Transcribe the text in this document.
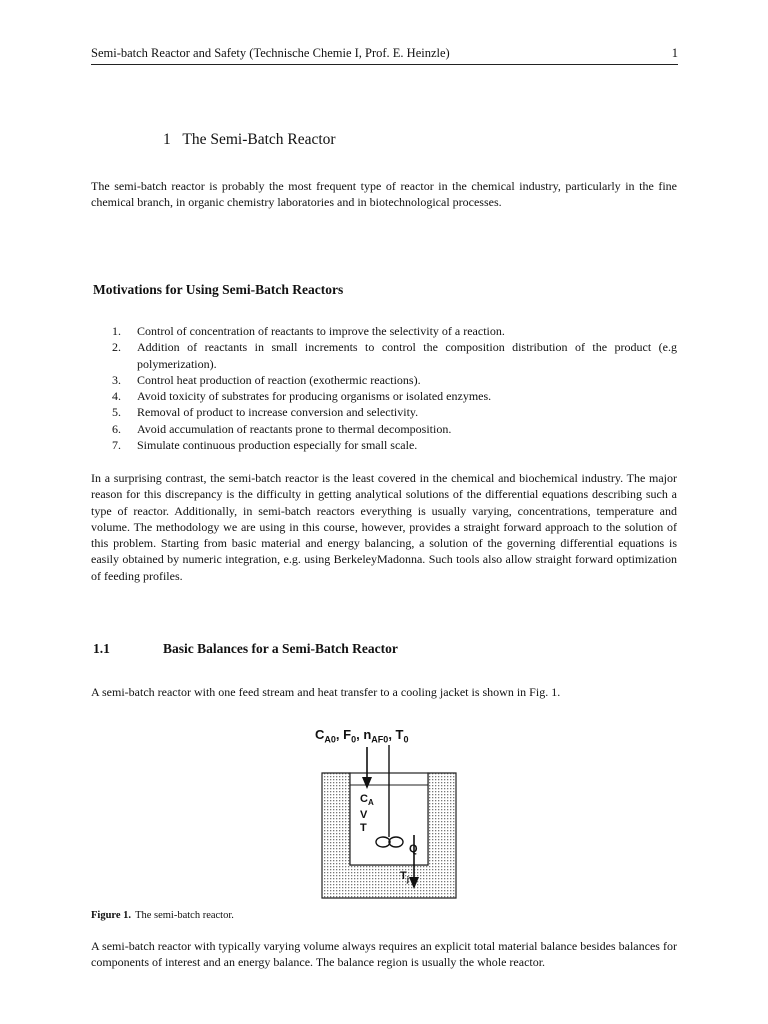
Semi-batch Reactor and Safety (Technische Chemie I, Prof. E. Heinzle)	1
1 The Semi-Batch Reactor

The semi-batch reactor is probably the most frequent type of reactor in the chemical industry, particularly in the fine chemical branch, in organic chemistry laboratories and in biotechnological processes.

Motivations for Using Semi-Batch Reactors
1.	Control of concentration of reactants to improve the selectivity of a reaction.
2.	Addition of reactants in small increments to control the composition distribution of the product (e.g polymerization).
3.	Control heat production of reaction (exothermic reactions).
4.	Avoid toxicity of substrates for producing organisms or isolated enzymes.
5.	Removal of product to increase conversion and selectivity.
6.	Avoid accumulation of reactants prone to thermal decomposition.
7.	Simulate continuous production especially for small scale.

In a surprising contrast, the semi-batch reactor is the least covered in the chemical and biochemical industry. The major reason for this discrepancy is the difficulty in getting analytical solutions of the differential equations describing such a type of reactor. Additionally, in semi-batch reactors everything is usually varying, concentrations, temperature and volume. The methodology we are using in this course, however, provides a straight forward approach to the solution of this problem. Starting from basic material and energy balancing, a solution of the governing differential equations is easily obtained by numeric integration, e.g. using BerkeleyMadonna. Such tools also allow straight forward optimization of feeding profiles.

1.1	Basic Balances for a Semi-Batch Reactor

A semi-batch reactor with one feed stream and heat transfer to a cooling jacket is shown in Fig. 1.

$C_{A0}$, $F_0$, $n_{AF0}$, $T_0$
$C_A$
V
T
Q
$T_j$
Figure 1. The semi-batch reactor.

A semi-batch reactor with typically varying volume always requires an explicit total material balance besides balances for components of interest and an energy balance. The balance region is usually the whole reactor.
